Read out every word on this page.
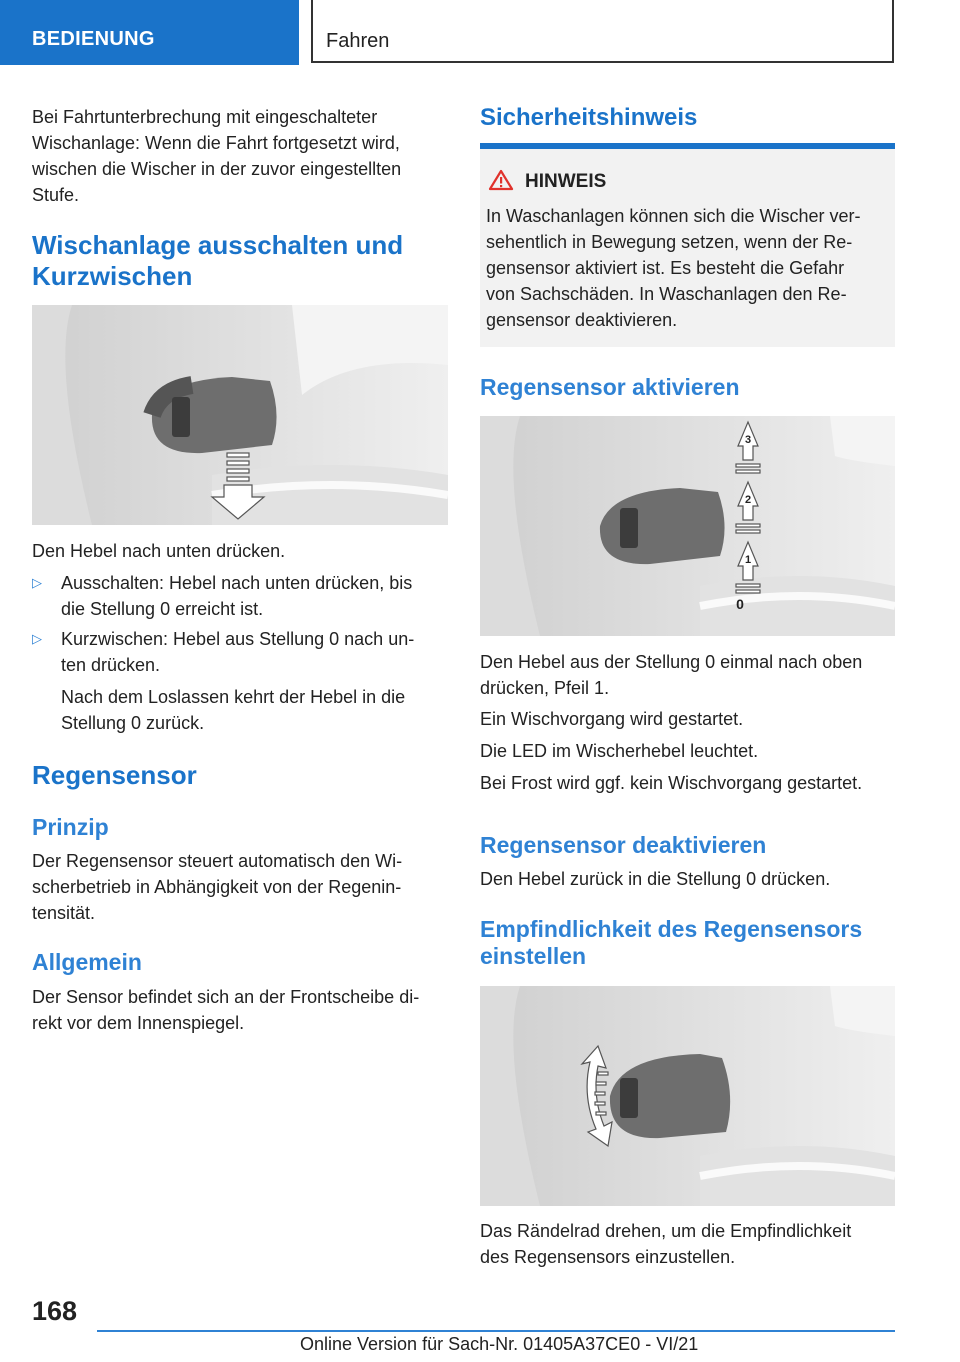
BEDIENUNG	Fahren
Bei Fahrtunterbrechung mit eingeschalteter
Wischanlage: Wenn die Fahrt fortgesetzt wird,
wischen die Wischer in der zuvor eingestellten
Stufe.
Wischanlage ausschalten und
Kurzwischen
Den Hebel nach unten drücken.
▷ Ausschalten: Hebel nach unten drücken, bis
die Stellung 0 erreicht ist.
▷ Kurzwischen: Hebel aus Stellung 0 nach un-
ten drücken.
Nach dem Loslassen kehrt der Hebel in die
Stellung 0 zurück.
Regensensor
Prinzip
Der Regensensor steuert automatisch den Wi-
scherbetrieb in Abhängigkeit von der Regenin-
tensität.
Allgemein
Der Sensor befindet sich an der Frontscheibe di-
rekt vor dem Innenspiegel.
Sicherheitshinweis
HINWEIS
In Waschanlagen können sich die Wischer ver-
sehentlich in Bewegung setzen, wenn der Re-
gensensor aktiviert ist. Es besteht die Gefahr
von Sachschäden. In Waschanlagen den Re-
gensensor deaktivieren.
Regensensor aktivieren
3
2
1
0
Den Hebel aus der Stellung 0 einmal nach oben
drücken, Pfeil 1.
Ein Wischvorgang wird gestartet.
Die LED im Wischerhebel leuchtet.
Bei Frost wird ggf. kein Wischvorgang gestartet.
Regensensor deaktivieren
Den Hebel zurück in die Stellung 0 drücken.
Empfindlichkeit des Regensensors
einstellen
Das Rändelrad drehen, um die Empfindlichkeit
des Regensensors einzustellen.
168
Online Version für Sach-Nr. 01405A37CE0 - VI/21
